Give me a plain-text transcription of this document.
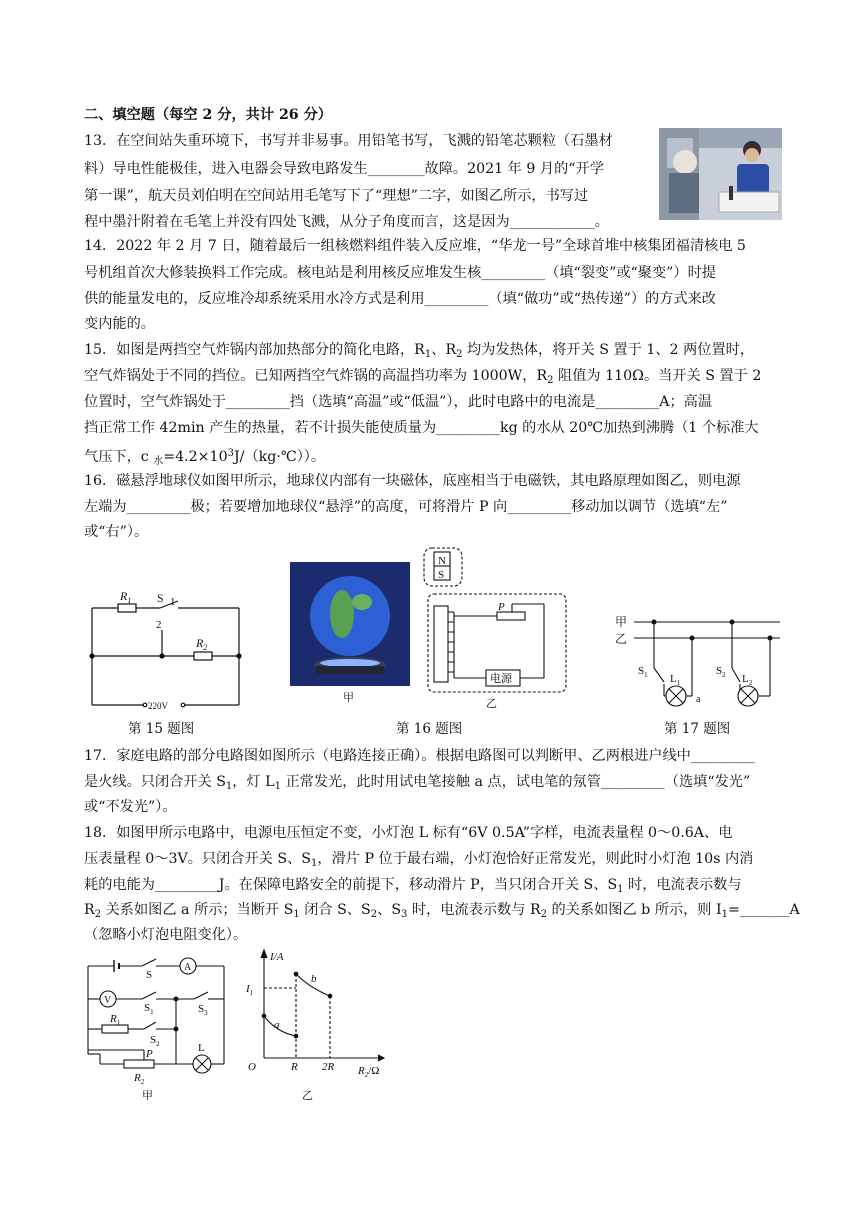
二、填空题（每空 2 分，共计 26 分）
13．在空间站失重环境下，书写并非易事。用铅笔书写，飞溅的铅笔芯颗粒（石墨材
料）导电性能极佳，进入电器会导致电路发生________故障。2021 年 9 月的“开学
第一课”，航天员刘伯明在空间站用毛笔写下了“理想”二字，如图乙所示，书写过
程中墨汁附着在毛笔上并没有四处飞溅，从分子角度而言，这是因为____________。
14．2022 年 2 月 7 日，随着最后一组核燃料组件装入反应堆，“华龙一号”全球首堆中核集团福清核电 5
号机组首次大修装换料工作完成。核电站是利用核反应堆发生核_________（填“裂变”或“聚变”）时提
供的能量发电的，反应堆冷却系统采用水冷方式是利用_________（填“做功”或“热传递”）的方式来改
变内能的。
15．如图是两挡空气炸锅内部加热部分的简化电路，$R_1$、$R_2$ 均为发热体，将开关 S 置于 1、2 两位置时，
空气炸锅处于不同的挡位。已知两挡空气炸锅的高温挡功率为 1000W，$R_2$ 阻值为 110Ω。当开关 S 置于 2
位置时，空气炸锅处于_________挡（选填“高温”或“低温”），此时电路中的电流是_________A；高温
挡正常工作 42min 产生的热量，若不计损失能使质量为_________kg 的水从 20℃加热到沸腾（1 个标准大
气压下，c $_水=4.2\times 10^3J/(kg\cdot℃)$）。
16．磁悬浮地球仪如图甲所示，地球仪内部有一块磁体，底座相当于电磁铁，其电路原理如图乙，则电源
左端为_________极；若要增加地球仪“悬浮”的高度，可将滑片 P 向_________移动加以调节（选填“左”
或“右”）。
$R_1$ S 1
2
$R_2$
220V
第 15 题图
甲
N
S
P
电源
乙
第 16 题图
甲
乙
$S_1$ $L_1$
a
$S_2$ $L_2$
第 17 题图
17．家庭电路的部分电路图如图所示（电路连接正确）。根据电路图可以判断甲、乙两根进户线中_________
是火线。只闭合开关 $S_1$，灯 $L_1$ 正常发光，此时用试电笔接触 a 点，试电笔的氖管_________（选填“发光”
或“不发光”）。
18．如图甲所示电路中，电源电压恒定不变，小灯泡 L 标有“6V 0.5A”字样，电流表量程 0～0.6A、电
压表量程 0～3V。只闭合开关 S、$S_1$，滑片 P 位于最右端，小灯泡恰好正常发光，则此时小灯泡 10s 内消
耗的电能为_________J。在保障电路安全的前提下，移动滑片 P，当只闭合开关 S、$S_1$ 时，电流表示数与
$R_2$ 关系如图乙 a 所示；当断开 $S_1$ 闭合 S、$S_2$、$S_3$ 时，电流表示数与 $R_2$ 的关系如图乙 b 所示，则 $I_1=\_\_\_\_\_\_\_A$
（忽略小灯泡电阻变化）。
S
A
V
$S_1$	$S_3$
$R_1$
$S_2$
P	L
$R_2$
甲
I/A
$I_1$
b
a
O	R 2R $R_2/\Omega$
乙
